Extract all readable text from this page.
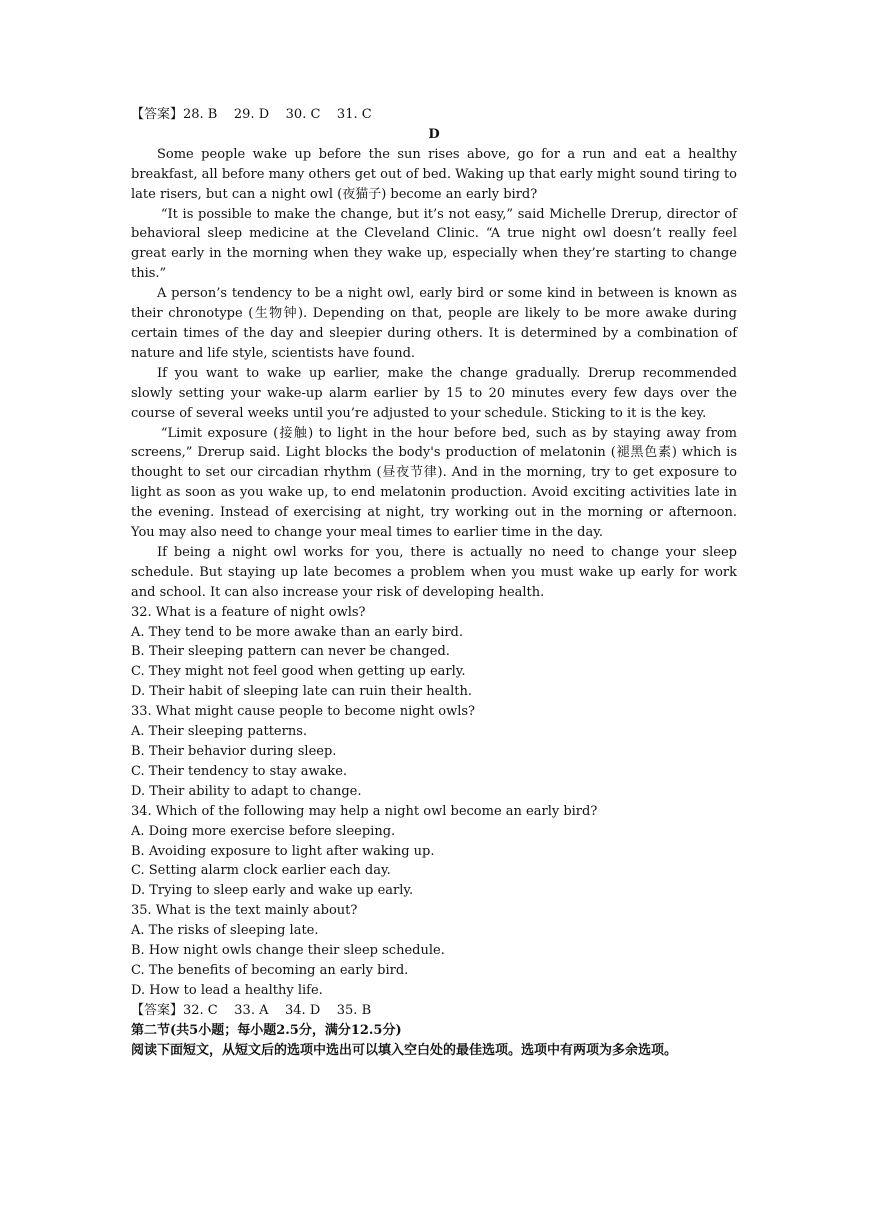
【答案】28. B    29. D    30. C    31. C

D

Some people wake up before the sun rises above, go for a run and eat a healthy breakfast, all before many others get out of bed. Waking up that early might sound tiring to late risers, but can a night owl (夜猫子) become an early bird?

“It is possible to make the change, but it’s not easy,” said Michelle Drerup, director of behavioral sleep medicine at the Cleveland Clinic. “A true night owl doesn’t really feel great early in the morning when they wake up, especially when they’re starting to change this.”

A person’s tendency to be a night owl, early bird or some kind in between is known as their chronotype (生物钟). Depending on that, people are likely to be more awake during certain times of the day and sleepier during others. It is determined by a combination of nature and life style, scientists have found.

If you want to wake up earlier, make the change gradually. Drerup recommended slowly setting your wake-up alarm earlier by 15 to 20 minutes every few days over the course of several weeks until you’re adjusted to your schedule. Sticking to it is the key.

“Limit exposure (接触) to light in the hour before bed, such as by staying away from screens,” Drerup said. Light blocks the body's production of melatonin (褪黑色素) which is thought to set our circadian rhythm (昼夜节律). And in the morning, try to get exposure to light as soon as you wake up, to end melatonin production. Avoid exciting activities late in the evening. Instead of exercising at night, try working out in the morning or afternoon. You may also need to change your meal times to earlier time in the day.

If being a night owl works for you, there is actually no need to change your sleep schedule. But staying up late becomes a problem when you must wake up early for work and school. It can also increase your risk of developing health.

32. What is a feature of night owls?

A. They tend to be more awake than an early bird.

B. Their sleeping pattern can never be changed.

C. They might not feel good when getting up early.

D. Their habit of sleeping late can ruin their health.

33. What might cause people to become night owls?

A. Their sleeping patterns.

B. Their behavior during sleep.

C. Their tendency to stay awake.

D. Their ability to adapt to change.

34. Which of the following may help a night owl become an early bird?

A. Doing more exercise before sleeping.

B. Avoiding exposure to light after waking up.

C. Setting alarm clock earlier each day.

D. Trying to sleep early and wake up early.

35. What is the text mainly about?

A. The risks of sleeping late.

B. How night owls change their sleep schedule.

C. The benefits of becoming an early bird.

D. How to lead a healthy life.

【答案】32. C    33. A    34. D    35. B

第二节(共5小题；每小题2.5分，满分12.5分)

阅读下面短文，从短文后的选项中选出可以填入空白处的最佳选项。选项中有两项为多余选项。
